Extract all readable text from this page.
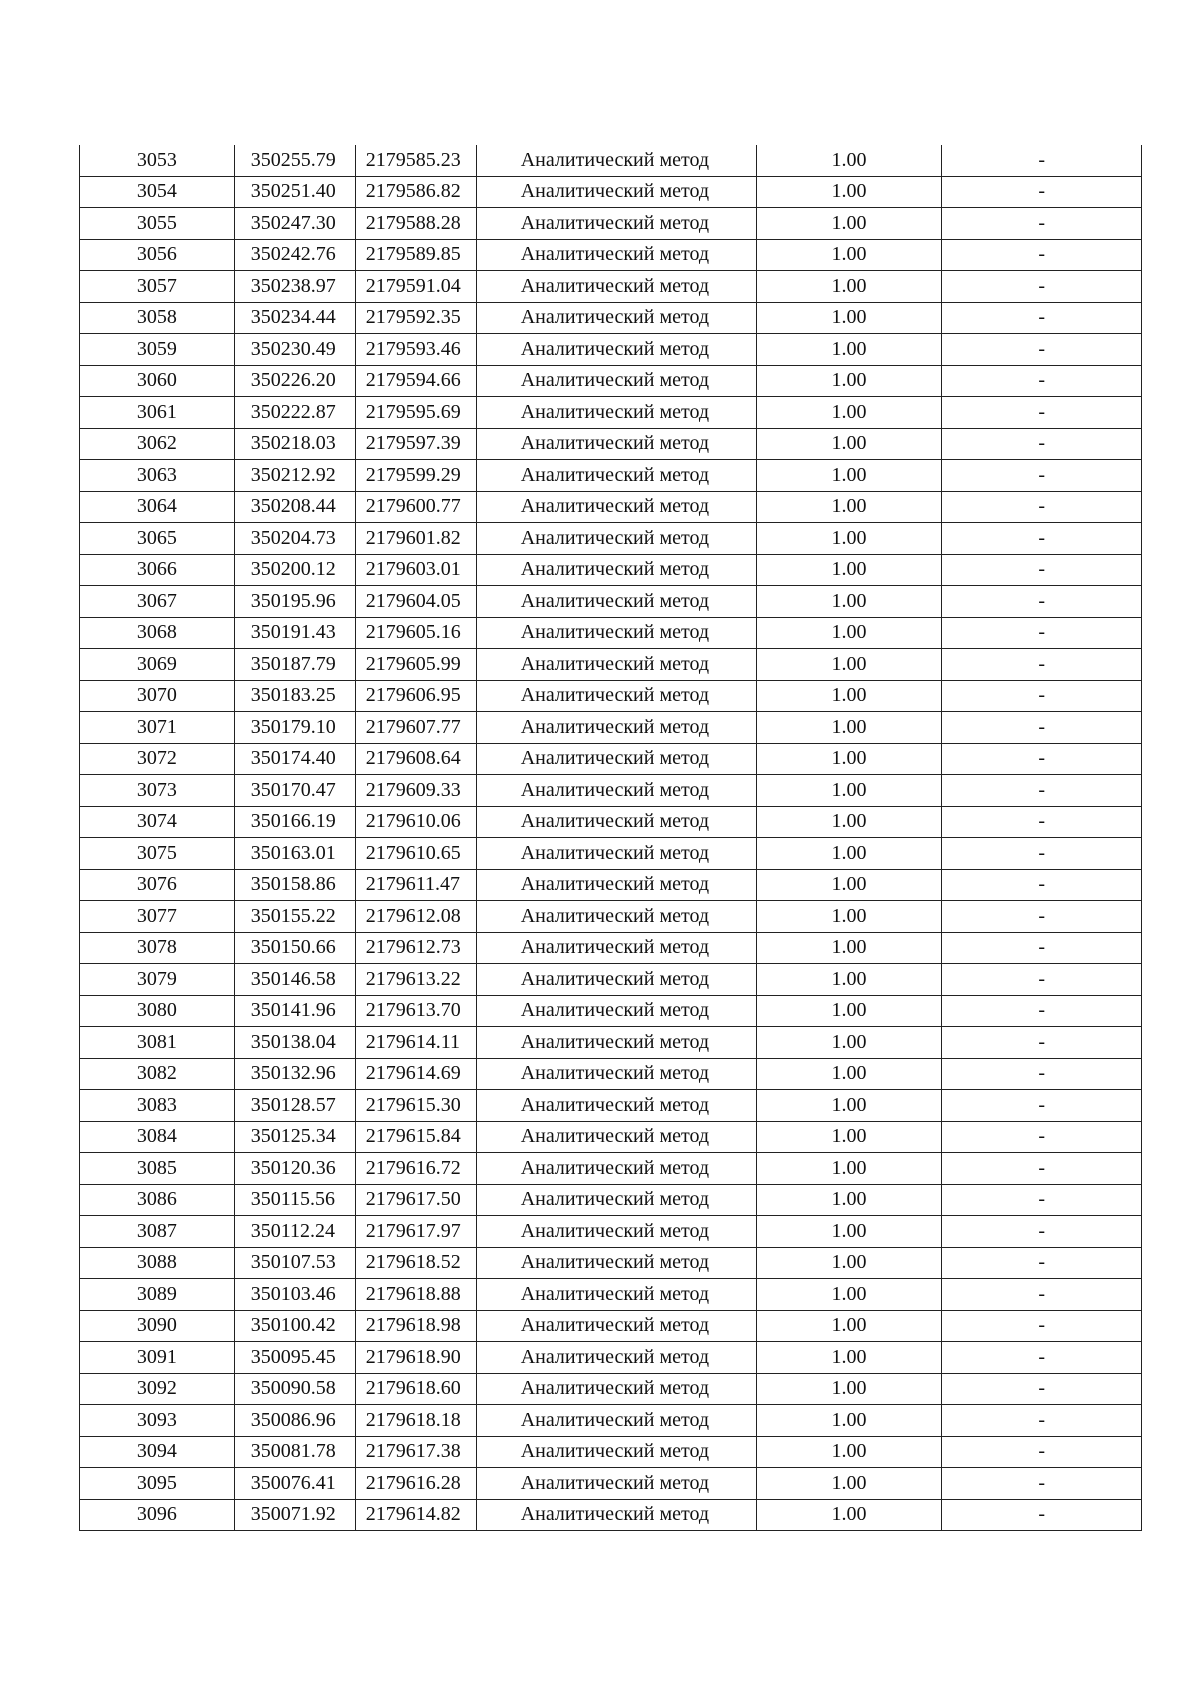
3053	350255.79	2179585.23	Аналитический метод	1.00	-
3054	350251.40	2179586.82	Аналитический метод	1.00	-
3055	350247.30	2179588.28	Аналитический метод	1.00	-
3056	350242.76	2179589.85	Аналитический метод	1.00	-
3057	350238.97	2179591.04	Аналитический метод	1.00	-
3058	350234.44	2179592.35	Аналитический метод	1.00	-
3059	350230.49	2179593.46	Аналитический метод	1.00	-
3060	350226.20	2179594.66	Аналитический метод	1.00	-
3061	350222.87	2179595.69	Аналитический метод	1.00	-
3062	350218.03	2179597.39	Аналитический метод	1.00	-
3063	350212.92	2179599.29	Аналитический метод	1.00	-
3064	350208.44	2179600.77	Аналитический метод	1.00	-
3065	350204.73	2179601.82	Аналитический метод	1.00	-
3066	350200.12	2179603.01	Аналитический метод	1.00	-
3067	350195.96	2179604.05	Аналитический метод	1.00	-
3068	350191.43	2179605.16	Аналитический метод	1.00	-
3069	350187.79	2179605.99	Аналитический метод	1.00	-
3070	350183.25	2179606.95	Аналитический метод	1.00	-
3071	350179.10	2179607.77	Аналитический метод	1.00	-
3072	350174.40	2179608.64	Аналитический метод	1.00	-
3073	350170.47	2179609.33	Аналитический метод	1.00	-
3074	350166.19	2179610.06	Аналитический метод	1.00	-
3075	350163.01	2179610.65	Аналитический метод	1.00	-
3076	350158.86	2179611.47	Аналитический метод	1.00	-
3077	350155.22	2179612.08	Аналитический метод	1.00	-
3078	350150.66	2179612.73	Аналитический метод	1.00	-
3079	350146.58	2179613.22	Аналитический метод	1.00	-
3080	350141.96	2179613.70	Аналитический метод	1.00	-
3081	350138.04	2179614.11	Аналитический метод	1.00	-
3082	350132.96	2179614.69	Аналитический метод	1.00	-
3083	350128.57	2179615.30	Аналитический метод	1.00	-
3084	350125.34	2179615.84	Аналитический метод	1.00	-
3085	350120.36	2179616.72	Аналитический метод	1.00	-
3086	350115.56	2179617.50	Аналитический метод	1.00	-
3087	350112.24	2179617.97	Аналитический метод	1.00	-
3088	350107.53	2179618.52	Аналитический метод	1.00	-
3089	350103.46	2179618.88	Аналитический метод	1.00	-
3090	350100.42	2179618.98	Аналитический метод	1.00	-
3091	350095.45	2179618.90	Аналитический метод	1.00	-
3092	350090.58	2179618.60	Аналитический метод	1.00	-
3093	350086.96	2179618.18	Аналитический метод	1.00	-
3094	350081.78	2179617.38	Аналитический метод	1.00	-
3095	350076.41	2179616.28	Аналитический метод	1.00	-
3096	350071.92	2179614.82	Аналитический метод	1.00	-
